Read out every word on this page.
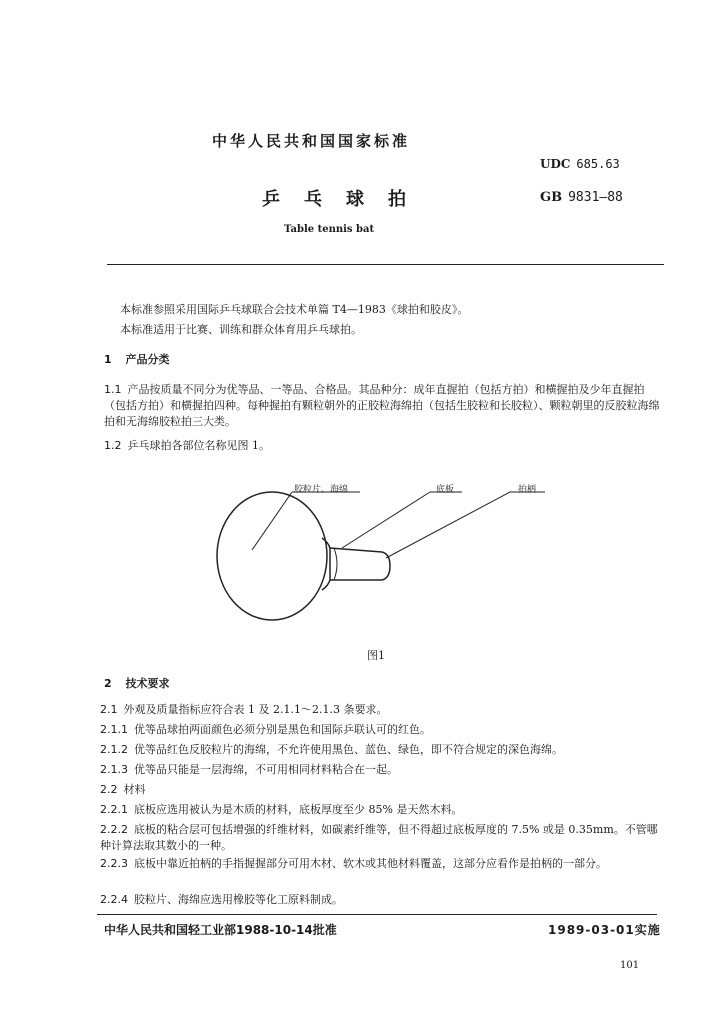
中华人民共和国国家标准
UDC 685.63
乒乓球拍	GB 9831—88
Table tennis bat
本标准参照采用国际乒乓球联合会技术单篇 T4—1983《球拍和胶皮》。
本标准适用于比赛、训练和群众体育用乒乓球拍。
1 产品分类
1.1 产品按质量不同分为优等品、一等品、合格品。其品种分：成年直握拍（包括方拍）和横握拍及少年直握拍（包括方拍）和横握拍四种。每种握拍有颗粒朝外的正胶粒海绵拍（包括生胶粒和长胶粒）、颗粒朝里的反胶粒海绵拍和无海绵胶粒拍三大类。
1.2 乒乓球拍各部位名称见图 1。
胶粒片、海绵	底板	拍柄
图1
2 技术要求
2.1 外观及质量指标应符合表 1 及 2.1.1～2.1.3 条要求。
2.1.1 优等品球拍两面颜色必须分别是黑色和国际乒联认可的红色。
2.1.2 优等品红色反胶粒片的海绵，不允许使用黑色、蓝色、绿色，即不符合规定的深色海绵。
2.1.3 优等品只能是一层海绵，不可用相同材料粘合在一起。
2.2 材料
2.2.1 底板应选用被认为是木质的材料，底板厚度至少 85% 是天然木料。
2.2.2 底板的粘合层可包括增强的纤维材料，如碳素纤维等，但不得超过底板厚度的 7.5% 或是 0.35mm。不管哪种计算法取其数小的一种。
2.2.3 底板中靠近拍柄的手指握握部分可用木材、软木或其他材料覆盖，这部分应看作是拍柄的一部分。
2.2.4 胶粒片、海绵应选用橡胶等化工原料制成。
中华人民共和国轻工业部1988-10-14批准	1989-03-01实施
101
